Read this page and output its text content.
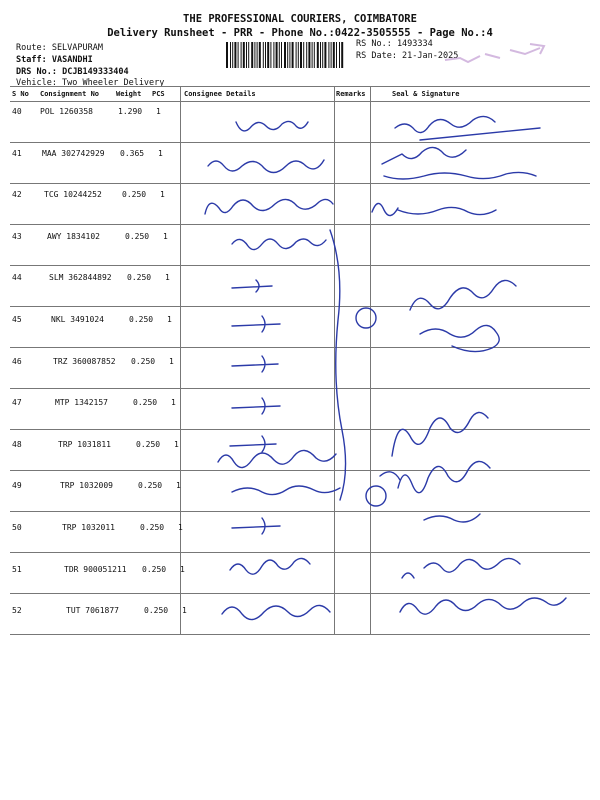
THE PROFESSIONAL COURIERS, COIMBATORE
Delivery Runsheet - PRR - Phone No.:0422-3505555 - Page No.:4
Route: SELVAPURAM
Staff: VASANDHI
DRS No.: DCJB149333404
Vehicle: Two Wheeler Delivery
RS No.: 1493334
RS Date: 21-Jan-2025
S No Consignment No Weight PCS	Consignee Details	Remarks	Seal & Signature
40 POL 1260358	1.290 1
41	MAA 302742929 0.365 1
42	TCG 10244252	0.250 1
43	AWY 1834102	0.250 1
44	SLM 362844892 0.250 1
45	NKL 3491024	0.250 1
46	TRZ 360087852 0.250 1
47	MTP 1342157	0.250 1
48	TRP 1031811	0.250 1
49	TRP 1032009	0.250 1
50	TRP 1032011	0.250 1
51	TDR 900051211 0.250 1
52	TUT 7061877	0.250 1
